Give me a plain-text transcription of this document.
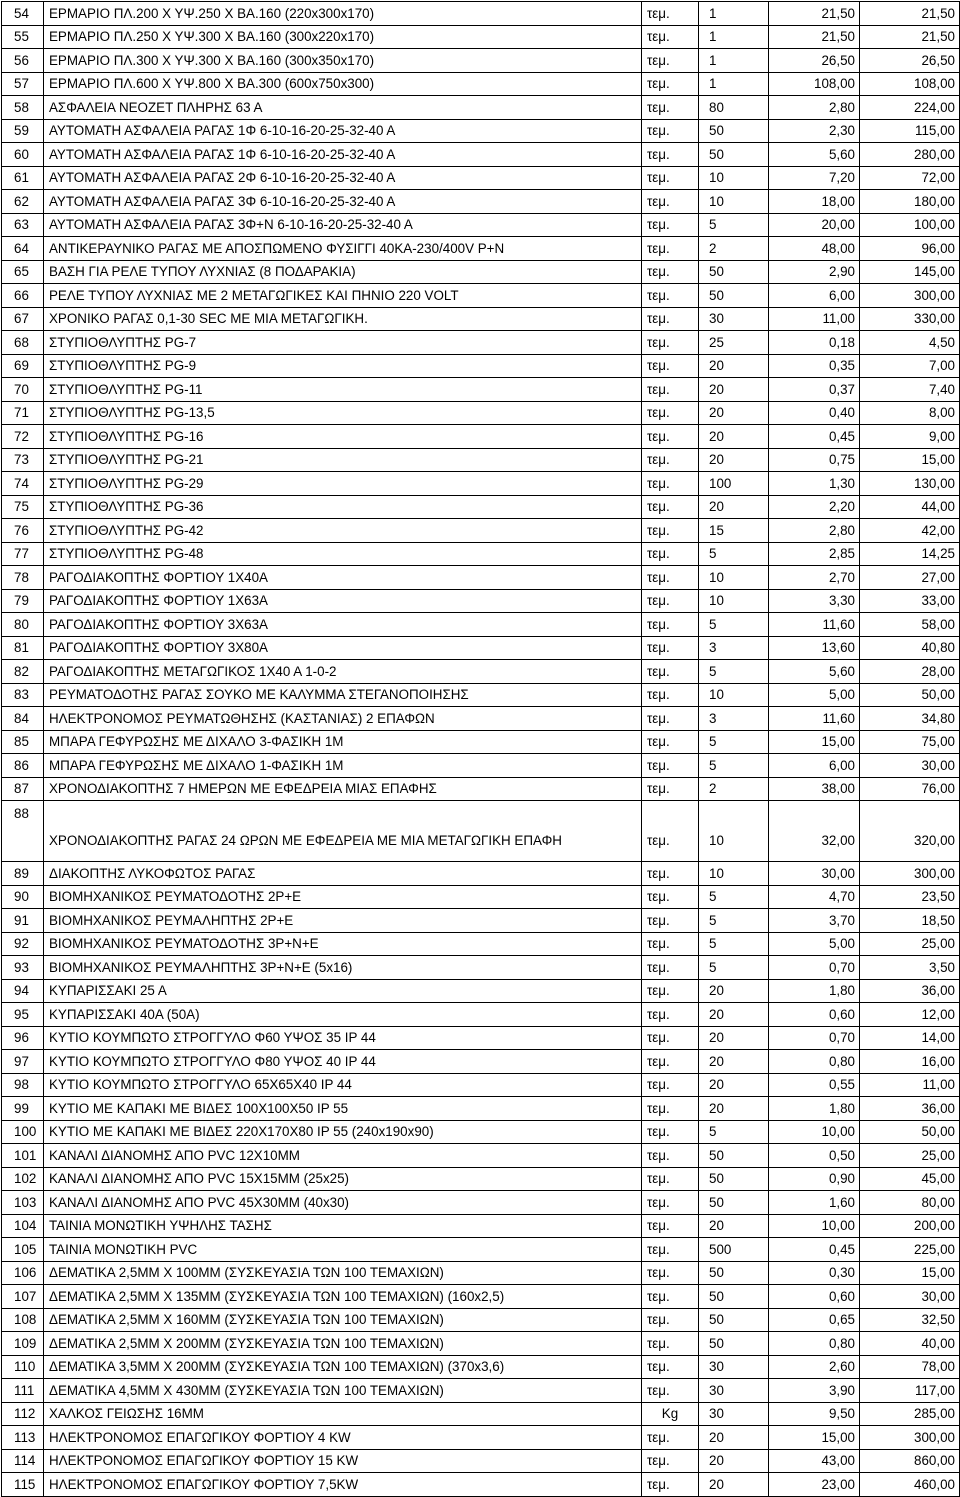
54	ΕΡΜΑΡΙΟ ΠΛ.200 Χ ΥΨ.250 Χ ΒΑ.160 (220x300x170)	τεμ.	1	21,50	21,50
55	ΕΡΜΑΡΙΟ ΠΛ.250 Χ ΥΨ.300 Χ ΒΑ.160 (300x220x170)	τεμ.	1	21,50	21,50
56	ΕΡΜΑΡΙΟ ΠΛ.300 Χ ΥΨ.300 Χ ΒΑ.160 (300x350x170)	τεμ.	1	26,50	26,50
57	ΕΡΜΑΡΙΟ ΠΛ.600 Χ ΥΨ.800 Χ ΒΑ.300 (600x750x300)	τεμ.	1	108,00	108,00
58	ΑΣΦΑΛΕΙΑ ΝΕΟΖΕΤ ΠΛΗΡΗΣ 63 Α	τεμ.	80	2,80	224,00
59	ΑΥΤΟΜΑΤΗ ΑΣΦΑΛΕΙΑ ΡΑΓΑΣ 1Φ 6-10-16-20-25-32-40 Α	τεμ.	50	2,30	115,00
60	ΑΥΤΟΜΑΤΗ ΑΣΦΑΛΕΙΑ ΡΑΓΑΣ 1Φ 6-10-16-20-25-32-40 Α	τεμ.	50	5,60	280,00
61	ΑΥΤΟΜΑΤΗ ΑΣΦΑΛΕΙΑ ΡΑΓΑΣ 2Φ 6-10-16-20-25-32-40 Α	τεμ.	10	7,20	72,00
62	ΑΥΤΟΜΑΤΗ ΑΣΦΑΛΕΙΑ ΡΑΓΑΣ 3Φ 6-10-16-20-25-32-40 Α	τεμ.	10	18,00	180,00
63	ΑΥΤΟΜΑΤΗ ΑΣΦΑΛΕΙΑ ΡΑΓΑΣ 3Φ+Ν 6-10-16-20-25-32-40 Α	τεμ.	5	20,00	100,00
64	ΑΝΤΙΚΕΡΑΥΝΙΚΟ ΡΑΓΑΣ ΜΕ ΑΠΟΣΠΩΜΕΝΟ ΦΥΣΙΓΓΙ 40ΚΑ-230/400V P+N	τεμ.	2	48,00	96,00
65	ΒΑΣΗ ΓΙΑ ΡΕΛΕ ΤΥΠΟΥ ΛΥΧΝΙΑΣ (8 ΠΟΔΑΡΑΚΙΑ)	τεμ.	50	2,90	145,00
66	ΡΕΛΕ ΤΥΠΟΥ ΛΥΧΝΙΑΣ ΜΕ 2 ΜΕΤΑΓΩΓΙΚΕΣ ΚΑΙ ΠΗΝΙΟ 220 VOLT	τεμ.	50	6,00	300,00
67	ΧΡΟΝΙΚΟ ΡΑΓΑΣ 0,1-30 SEC ΜΕ ΜΙΑ ΜΕΤΑΓΩΓΙΚΗ.	τεμ.	30	11,00	330,00
68	ΣΤΥΠΙΟΘΛΥΠΤΗΣ PG-7	τεμ.	25	0,18	4,50
69	ΣΤΥΠΙΟΘΛΥΠΤΗΣ PG-9	τεμ.	20	0,35	7,00
70	ΣΤΥΠΙΟΘΛΥΠΤΗΣ PG-11	τεμ.	20	0,37	7,40
71	ΣΤΥΠΙΟΘΛΥΠΤΗΣ PG-13,5	τεμ.	20	0,40	8,00
72	ΣΤΥΠΙΟΘΛΥΠΤΗΣ PG-16	τεμ.	20	0,45	9,00
73	ΣΤΥΠΙΟΘΛΥΠΤΗΣ PG-21	τεμ.	20	0,75	15,00
74	ΣΤΥΠΙΟΘΛΥΠΤΗΣ PG-29	τεμ.	100	1,30	130,00
75	ΣΤΥΠΙΟΘΛΥΠΤΗΣ PG-36	τεμ.	20	2,20	44,00
76	ΣΤΥΠΙΟΘΛΥΠΤΗΣ PG-42	τεμ.	15	2,80	42,00
77	ΣΤΥΠΙΟΘΛΥΠΤΗΣ PG-48	τεμ.	5	2,85	14,25
78	ΡΑΓΟΔΙΑΚΟΠΤΗΣ ΦΟΡΤΙΟΥ 1Χ40Α	τεμ.	10	2,70	27,00
79	ΡΑΓΟΔΙΑΚΟΠΤΗΣ ΦΟΡΤΙΟΥ 1Χ63Α	τεμ.	10	3,30	33,00
80	ΡΑΓΟΔΙΑΚΟΠΤΗΣ ΦΟΡΤΙΟΥ 3Χ63Α	τεμ.	5	11,60	58,00
81	ΡΑΓΟΔΙΑΚΟΠΤΗΣ ΦΟΡΤΙΟΥ 3Χ80Α	τεμ.	3	13,60	40,80
82	ΡΑΓΟΔΙΑΚΟΠΤΗΣ ΜΕΤΑΓΩΓΙΚΟΣ 1Χ40 Α 1-0-2	τεμ.	5	5,60	28,00
83	ΡΕΥΜΑΤΟΔΟΤΗΣ ΡΑΓΑΣ ΣΟΥΚΟ ΜΕ ΚΑΛΥΜΜΑ ΣΤΕΓΑΝΟΠΟΙΗΣΗΣ	τεμ.	10	5,00	50,00
84	ΗΛΕΚΤΡΟΝΟΜΟΣ ΡΕΥΜΑΤΩΘΗΣΗΣ (ΚΑΣΤΑΝΙΑΣ) 2 ΕΠΑΦΩΝ	τεμ.	3	11,60	34,80
85	ΜΠΑΡΑ ΓΕΦΥΡΩΣΗΣ ΜΕ ΔΙΧΑΛΟ 3-ΦΑΣΙΚΗ 1Μ	τεμ.	5	15,00	75,00
86	ΜΠΑΡΑ ΓΕΦΥΡΩΣΗΣ ΜΕ ΔΙΧΑΛΟ 1-ΦΑΣΙΚΗ 1Μ	τεμ.	5	6,00	30,00
87	ΧΡΟΝΟΔΙΑΚΟΠΤΗΣ 7 ΗΜΕΡΩΝ ΜΕ ΕΦΕΔΡΕΙΑ ΜΙΑΣ ΕΠΑΦΗΣ	τεμ.	2	38,00	76,00
88	ΧΡΟΝΟΔΙΑΚΟΠΤΗΣ ΡΑΓΑΣ 24 ΩΡΩΝ ΜΕ ΕΦΕΔΡΕΙΑ ΜΕ ΜΙΑ ΜΕΤΑΓΩΓΙΚΗ ΕΠΑΦΗ	τεμ.	10	32,00	320,00
89	ΔΙΑΚΟΠΤΗΣ ΛΥΚΟΦΩΤΟΣ ΡΑΓΑΣ	τεμ.	10	30,00	300,00
90	ΒΙΟΜΗΧΑΝΙΚΟΣ ΡΕΥΜΑΤΟΔΟΤΗΣ 2P+E	τεμ.	5	4,70	23,50
91	ΒΙΟΜΗΧΑΝΙΚΟΣ ΡΕΥΜΑΛΗΠΤΗΣ 2P+E	τεμ.	5	3,70	18,50
92	ΒΙΟΜΗΧΑΝΙΚΟΣ ΡΕΥΜΑΤΟΔΟΤΗΣ 3P+N+E	τεμ.	5	5,00	25,00
93	ΒΙΟΜΗΧΑΝΙΚΟΣ ΡΕΥΜΑΛΗΠΤΗΣ 3P+N+E (5x16)	τεμ.	5	0,70	3,50
94	ΚΥΠΑΡΙΣΣΑΚΙ 25 Α	τεμ.	20	1,80	36,00
95	ΚΥΠΑΡΙΣΣΑΚΙ 40Α (50Α)	τεμ.	20	0,60	12,00
96	ΚΥΤΙΟ ΚΟΥΜΠΩΤΟ ΣΤΡΟΓΓΥΛΟ Φ60 ΥΨΟΣ 35 IP 44	τεμ.	20	0,70	14,00
97	ΚΥΤΙΟ ΚΟΥΜΠΩΤΟ ΣΤΡΟΓΓΥΛΟ Φ80 ΥΨΟΣ 40 IP 44	τεμ.	20	0,80	16,00
98	ΚΥΤΙΟ ΚΟΥΜΠΩΤΟ ΣΤΡΟΓΓΥΛΟ 65Χ65Χ40 IP 44	τεμ.	20	0,55	11,00
99	ΚΥΤΙΟ ΜΕ ΚΑΠΑΚΙ ΜΕ ΒΙΔΕΣ 100Χ100Χ50 IP 55	τεμ.	20	1,80	36,00
100	ΚΥΤΙΟ ΜΕ ΚΑΠΑΚΙ ΜΕ ΒΙΔΕΣ 220Χ170Χ80 IP 55 (240x190x90)	τεμ.	5	10,00	50,00
101	ΚΑΝΑΛΙ ΔΙΑΝΟΜΗΣ ΑΠΟ PVC 12Χ10ΜΜ	τεμ.	50	0,50	25,00
102	ΚΑΝΑΛΙ ΔΙΑΝΟΜΗΣ ΑΠΟ PVC 15Χ15ΜΜ (25x25)	τεμ.	50	0,90	45,00
103	ΚΑΝΑΛΙ ΔΙΑΝΟΜΗΣ ΑΠΟ PVC 45Χ30ΜΜ (40x30)	τεμ.	50	1,60	80,00
104	ΤΑΙΝΙΑ ΜΟΝΩΤΙΚΗ ΥΨΗΛΗΣ ΤΑΣΗΣ	τεμ.	20	10,00	200,00
105	ΤΑΙΝΙΑ ΜΟΝΩΤΙΚΗ PVC	τεμ.	500	0,45	225,00
106	ΔΕΜΑΤΙΚΑ 2,5ΜΜ Χ 100ΜΜ (ΣΥΣΚΕΥΑΣΙΑ ΤΩΝ 100 ΤΕΜΑΧΙΩΝ)	τεμ.	50	0,30	15,00
107	ΔΕΜΑΤΙΚΑ 2,5ΜΜ Χ 135ΜΜ (ΣΥΣΚΕΥΑΣΙΑ ΤΩΝ 100 ΤΕΜΑΧΙΩΝ) (160x2,5)	τεμ.	50	0,60	30,00
108	ΔΕΜΑΤΙΚΑ 2,5ΜΜ Χ 160ΜΜ (ΣΥΣΚΕΥΑΣΙΑ ΤΩΝ 100 ΤΕΜΑΧΙΩΝ)	τεμ.	50	0,65	32,50
109	ΔΕΜΑΤΙΚΑ 2,5ΜΜ Χ 200ΜΜ (ΣΥΣΚΕΥΑΣΙΑ ΤΩΝ 100 ΤΕΜΑΧΙΩΝ)	τεμ.	50	0,80	40,00
110	ΔΕΜΑΤΙΚΑ 3,5ΜΜ Χ 200ΜΜ (ΣΥΣΚΕΥΑΣΙΑ ΤΩΝ 100 ΤΕΜΑΧΙΩΝ) (370x3,6)	τεμ.	30	2,60	78,00
111	ΔΕΜΑΤΙΚΑ 4,5ΜΜ Χ 430ΜΜ (ΣΥΣΚΕΥΑΣΙΑ ΤΩΝ 100 ΤΕΜΑΧΙΩΝ)	τεμ.	30	3,90	117,00
112	ΧΑΛΚΟΣ ΓΕΙΩΣΗΣ 16ΜΜ	Kg	30	9,50	285,00
113	ΗΛΕΚΤΡΟΝΟΜΟΣ ΕΠΑΓΩΓΙΚΟΥ ΦΟΡΤΙΟΥ 4 KW	τεμ.	20	15,00	300,00
114	ΗΛΕΚΤΡΟΝΟΜΟΣ ΕΠΑΓΩΓΙΚΟΥ ΦΟΡΤΙΟΥ 15 KW	τεμ.	20	43,00	860,00
115	ΗΛΕΚΤΡΟΝΟΜΟΣ ΕΠΑΓΩΓΙΚΟΥ ΦΟΡΤΙΟΥ 7,5KW	τεμ.	20	23,00	460,00
